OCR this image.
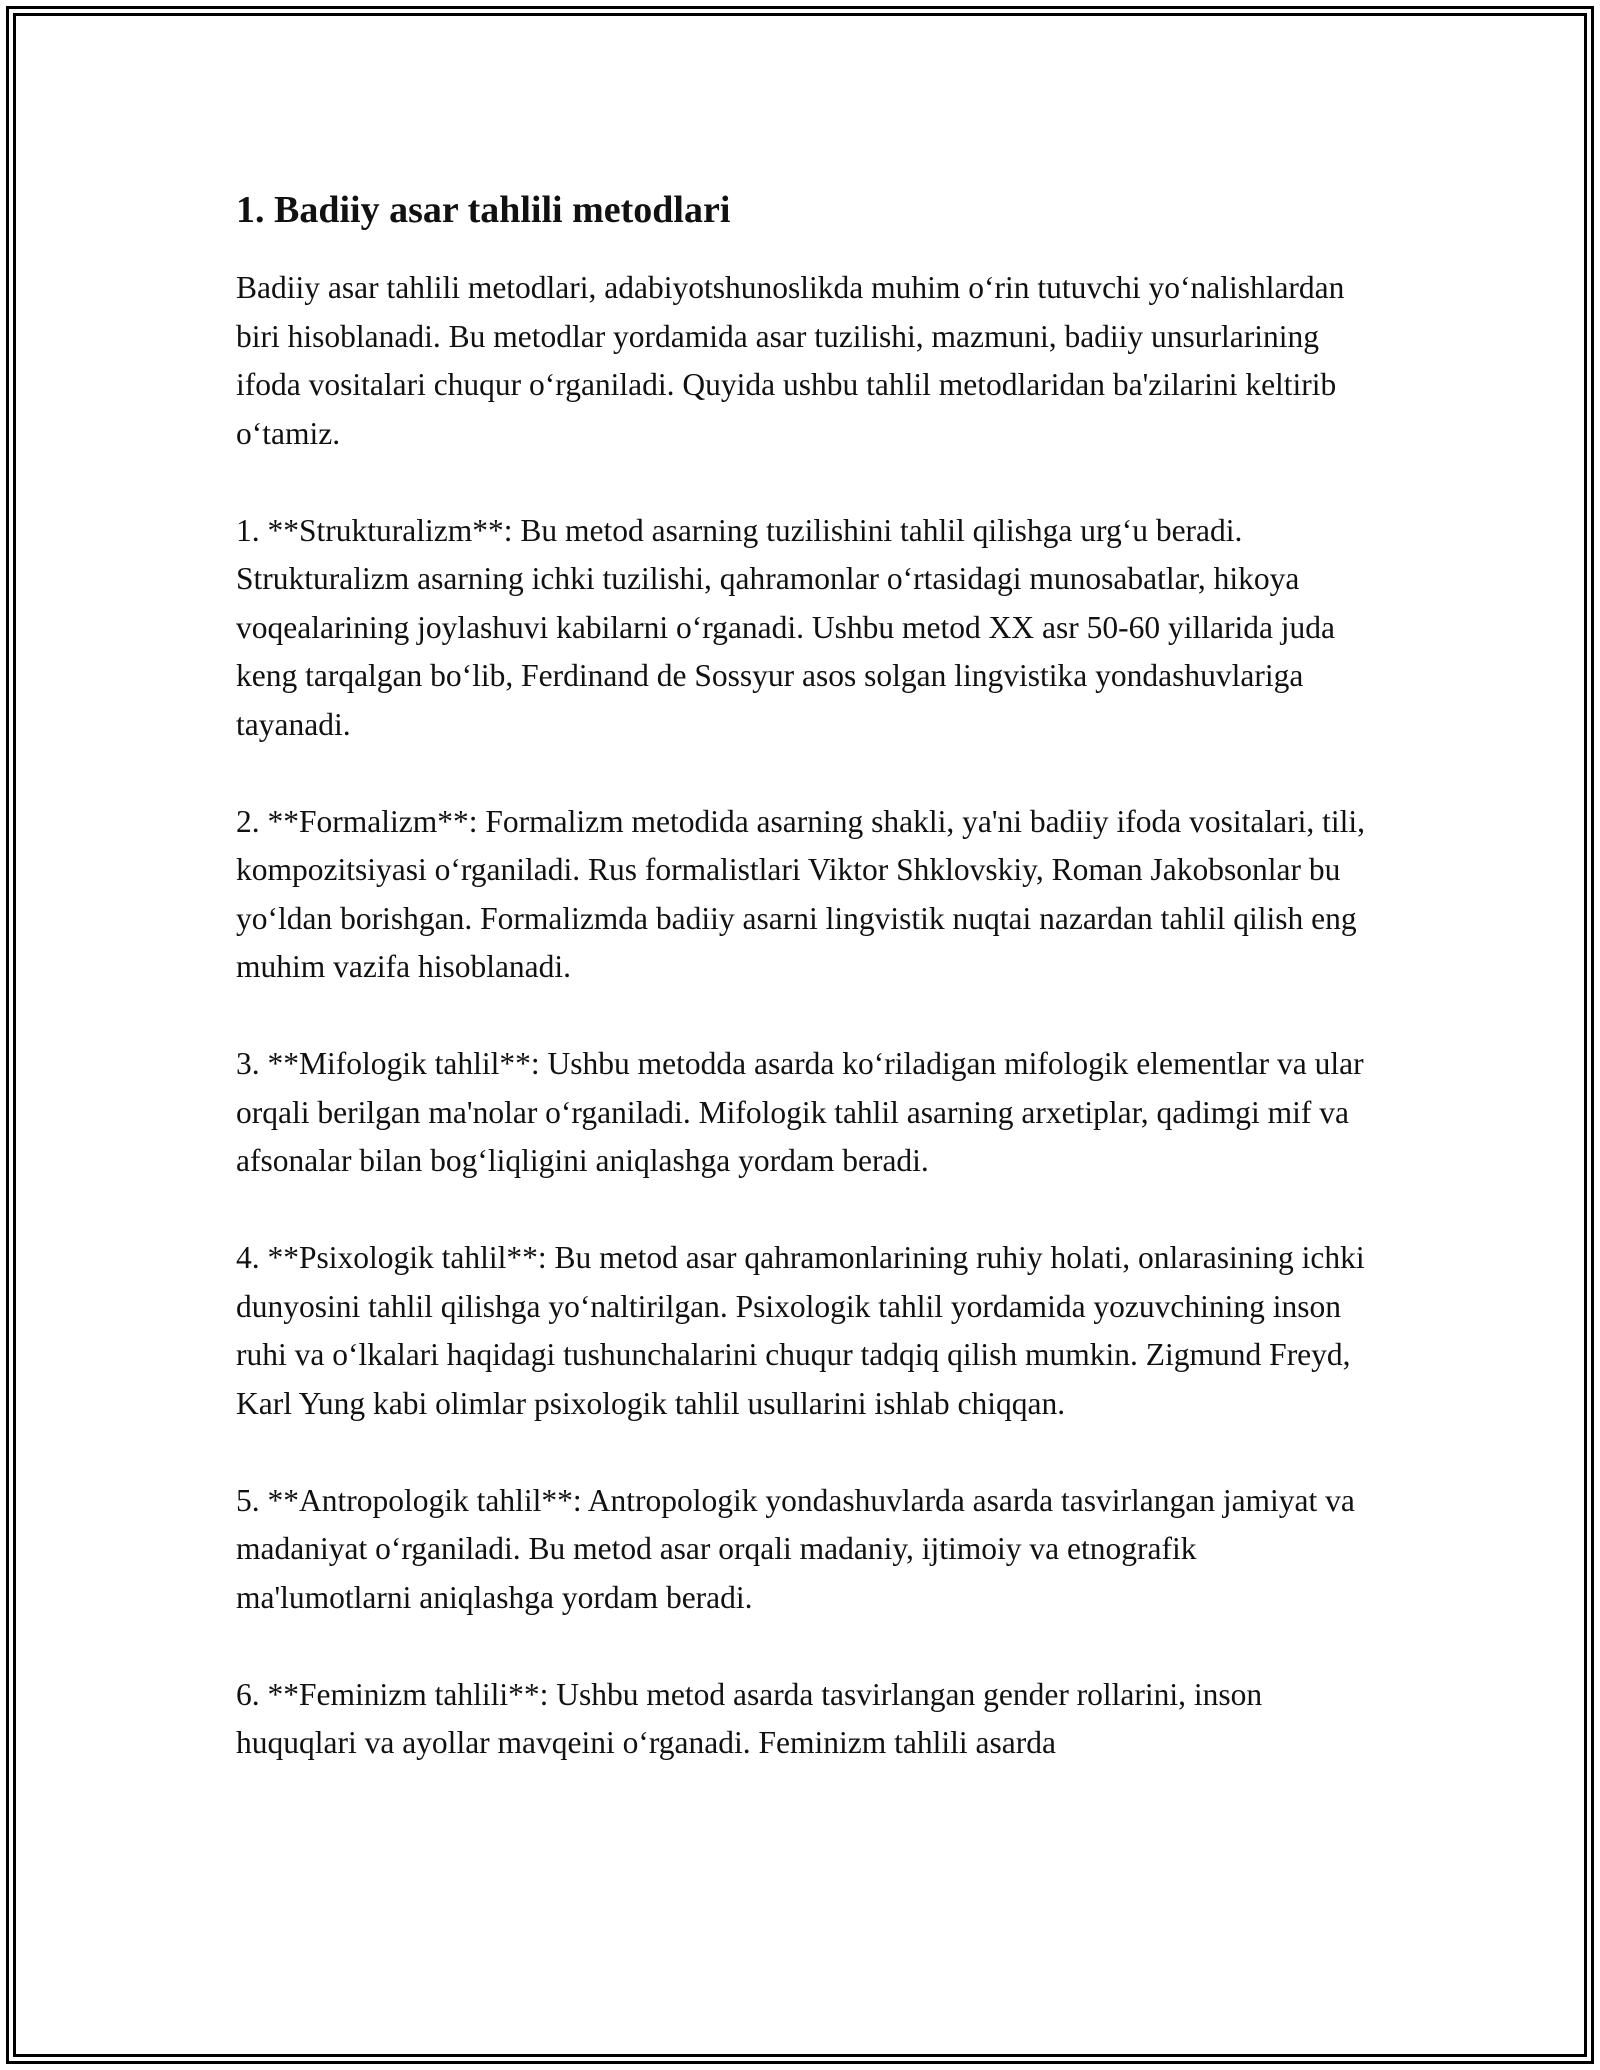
1. Badiiy asar tahlili metodlari
Badiiy asar tahlili metodlari, adabiyotshunoslikda muhim o‘rin tutuvchi yo‘nalishlardan biri hisoblanadi. Bu metodlar yordamida asar tuzilishi, mazmuni, badiiy unsurlarining ifoda vositalari chuqur o‘rganiladi. Quyida ushbu tahlil metodlaridan ba'zilarini keltirib o‘tamiz.
1. **Strukturalizm**: Bu metod asarning tuzilishini tahlil qilishga urg‘u beradi. Strukturalizm asarning ichki tuzilishi, qahramonlar o‘rtasidagi munosabatlar, hikoya voqealarining joylashuvi kabilarni o‘rganadi. Ushbu metod XX asr 50-60 yillarida juda keng tarqalgan bo‘lib, Ferdinand de Sossyur asos solgan lingvistika yondashuvlariga tayanadi.
2. **Formalizm**: Formalizm metodida asarning shakli, ya'ni badiiy ifoda vositalari, tili, kompozitsiyasi o‘rganiladi. Rus formalistlari Viktor Shklovskiy, Roman Jakobsonlar bu yo‘ldan borishgan. Formalizmda badiiy asarni lingvistik nuqtai nazardan tahlil qilish eng muhim vazifa hisoblanadi.
3. **Mifologik tahlil**: Ushbu metodda asarda ko‘riladigan mifologik elementlar va ular orqali berilgan ma'nolar o‘rganiladi. Mifologik tahlil asarning arxetiplar, qadimgi mif va afsonalar bilan bog‘liqligini aniqlashga yordam beradi.
4. **Psixologik tahlil**: Bu metod asar qahramonlarining ruhiy holati, onlarasining ichki dunyosini tahlil qilishga yo‘naltirilgan. Psixologik tahlil yordamida yozuvchining inson ruhi va o‘lkalari haqidagi tushunchalarini chuqur tadqiq qilish mumkin. Zigmund Freyd, Karl Yung kabi olimlar psixologik tahlil usullarini ishlab chiqqan.
5. **Antropologik tahlil**: Antropologik yondashuvlarda asarda tasvirlangan jamiyat va madaniyat o‘rganiladi. Bu metod asar orqali madaniy, ijtimoiy va etnografik ma'lumotlarni aniqlashga yordam beradi.
6. **Feminizm tahlili**: Ushbu metod asarda tasvirlangan gender rollarini, inson huquqlari va ayollar mavqeini o‘rganadi. Feminizm tahlili asarda
